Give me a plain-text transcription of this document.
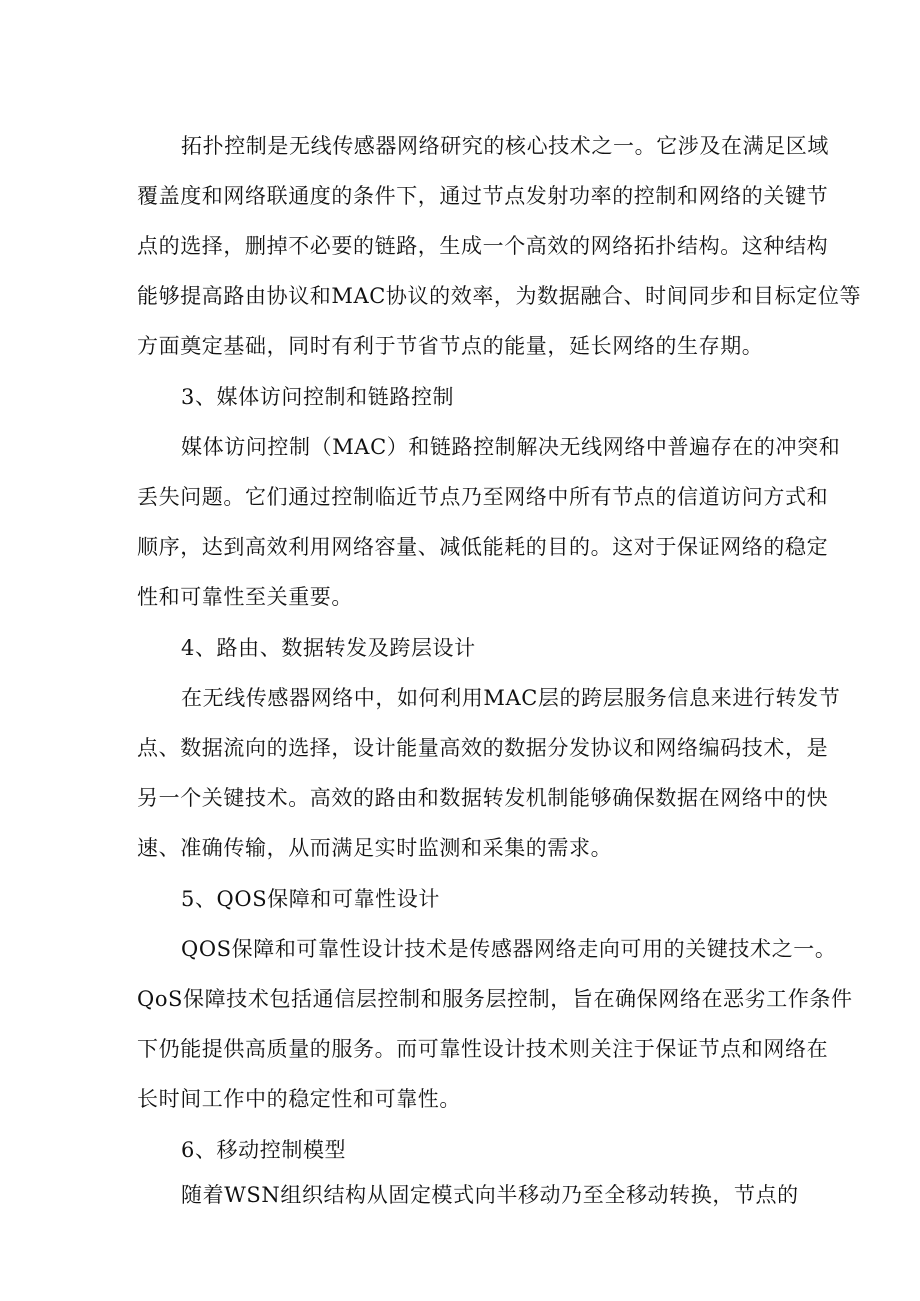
拓扑控制是无线传感器网络研究的核心技术之一。它涉及在满足区域
覆盖度和网络联通度的条件下，通过节点发射功率的控制和网络的关键节
点的选择，删掉不必要的链路，生成一个高效的网络拓扑结构。这种结构
能够提高路由协议和MAC协议的效率，为数据融合、时间同步和目标定位等
方面奠定基础，同时有利于节省节点的能量，延长网络的生存期。
3、媒体访问控制和链路控制
媒体访问控制（MAC）和链路控制解决无线网络中普遍存在的冲突和
丢失问题。它们通过控制临近节点乃至网络中所有节点的信道访问方式和
顺序，达到高效利用网络容量、减低能耗的目的。这对于保证网络的稳定
性和可靠性至关重要。
4、路由、数据转发及跨层设计
在无线传感器网络中，如何利用MAC层的跨层服务信息来进行转发节
点、数据流向的选择，设计能量高效的数据分发协议和网络编码技术，是
另一个关键技术。高效的路由和数据转发机制能够确保数据在网络中的快
速、准确传输，从而满足实时监测和采集的需求。
5、QOS保障和可靠性设计
QOS保障和可靠性设计技术是传感器网络走向可用的关键技术之一。
QoS保障技术包括通信层控制和服务层控制，旨在确保网络在恶劣工作条件
下仍能提供高质量的服务。而可靠性设计技术则关注于保证节点和网络在
长时间工作中的稳定性和可靠性。
6、移动控制模型
随着WSN组织结构从固定模式向半移动乃至全移动转换，节点的
